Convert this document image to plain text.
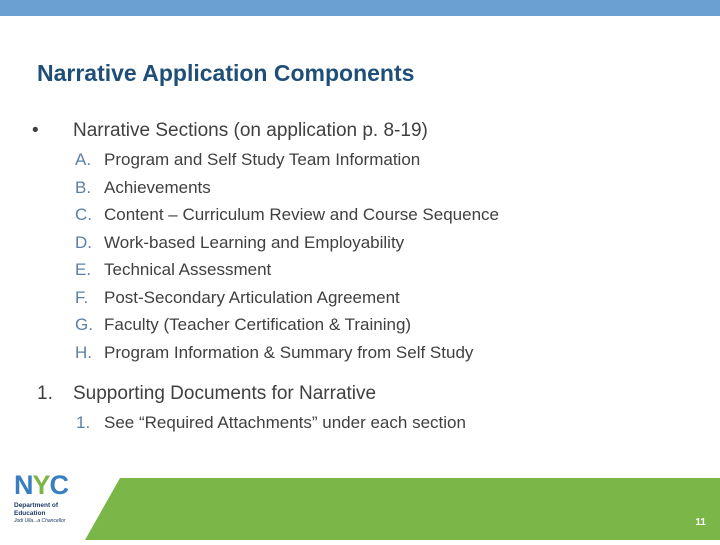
Narrative Application Components
• Narrative Sections (on application p. 8-19)
A. Program and Self Study Team Information
B. Achievements
C. Content – Curriculum Review and Course Sequence
D. Work-based Learning and Employability
E. Technical Assessment
F. Post-Secondary Articulation Agreement
G. Faculty (Teacher Certification & Training)
H. Program Information & Summary from Self Study
1. Supporting Documents for Narrative
1. See “Required Attachments” under each section
11

NYC

Department of
Education

Jodi Ulla...a Chancellor
